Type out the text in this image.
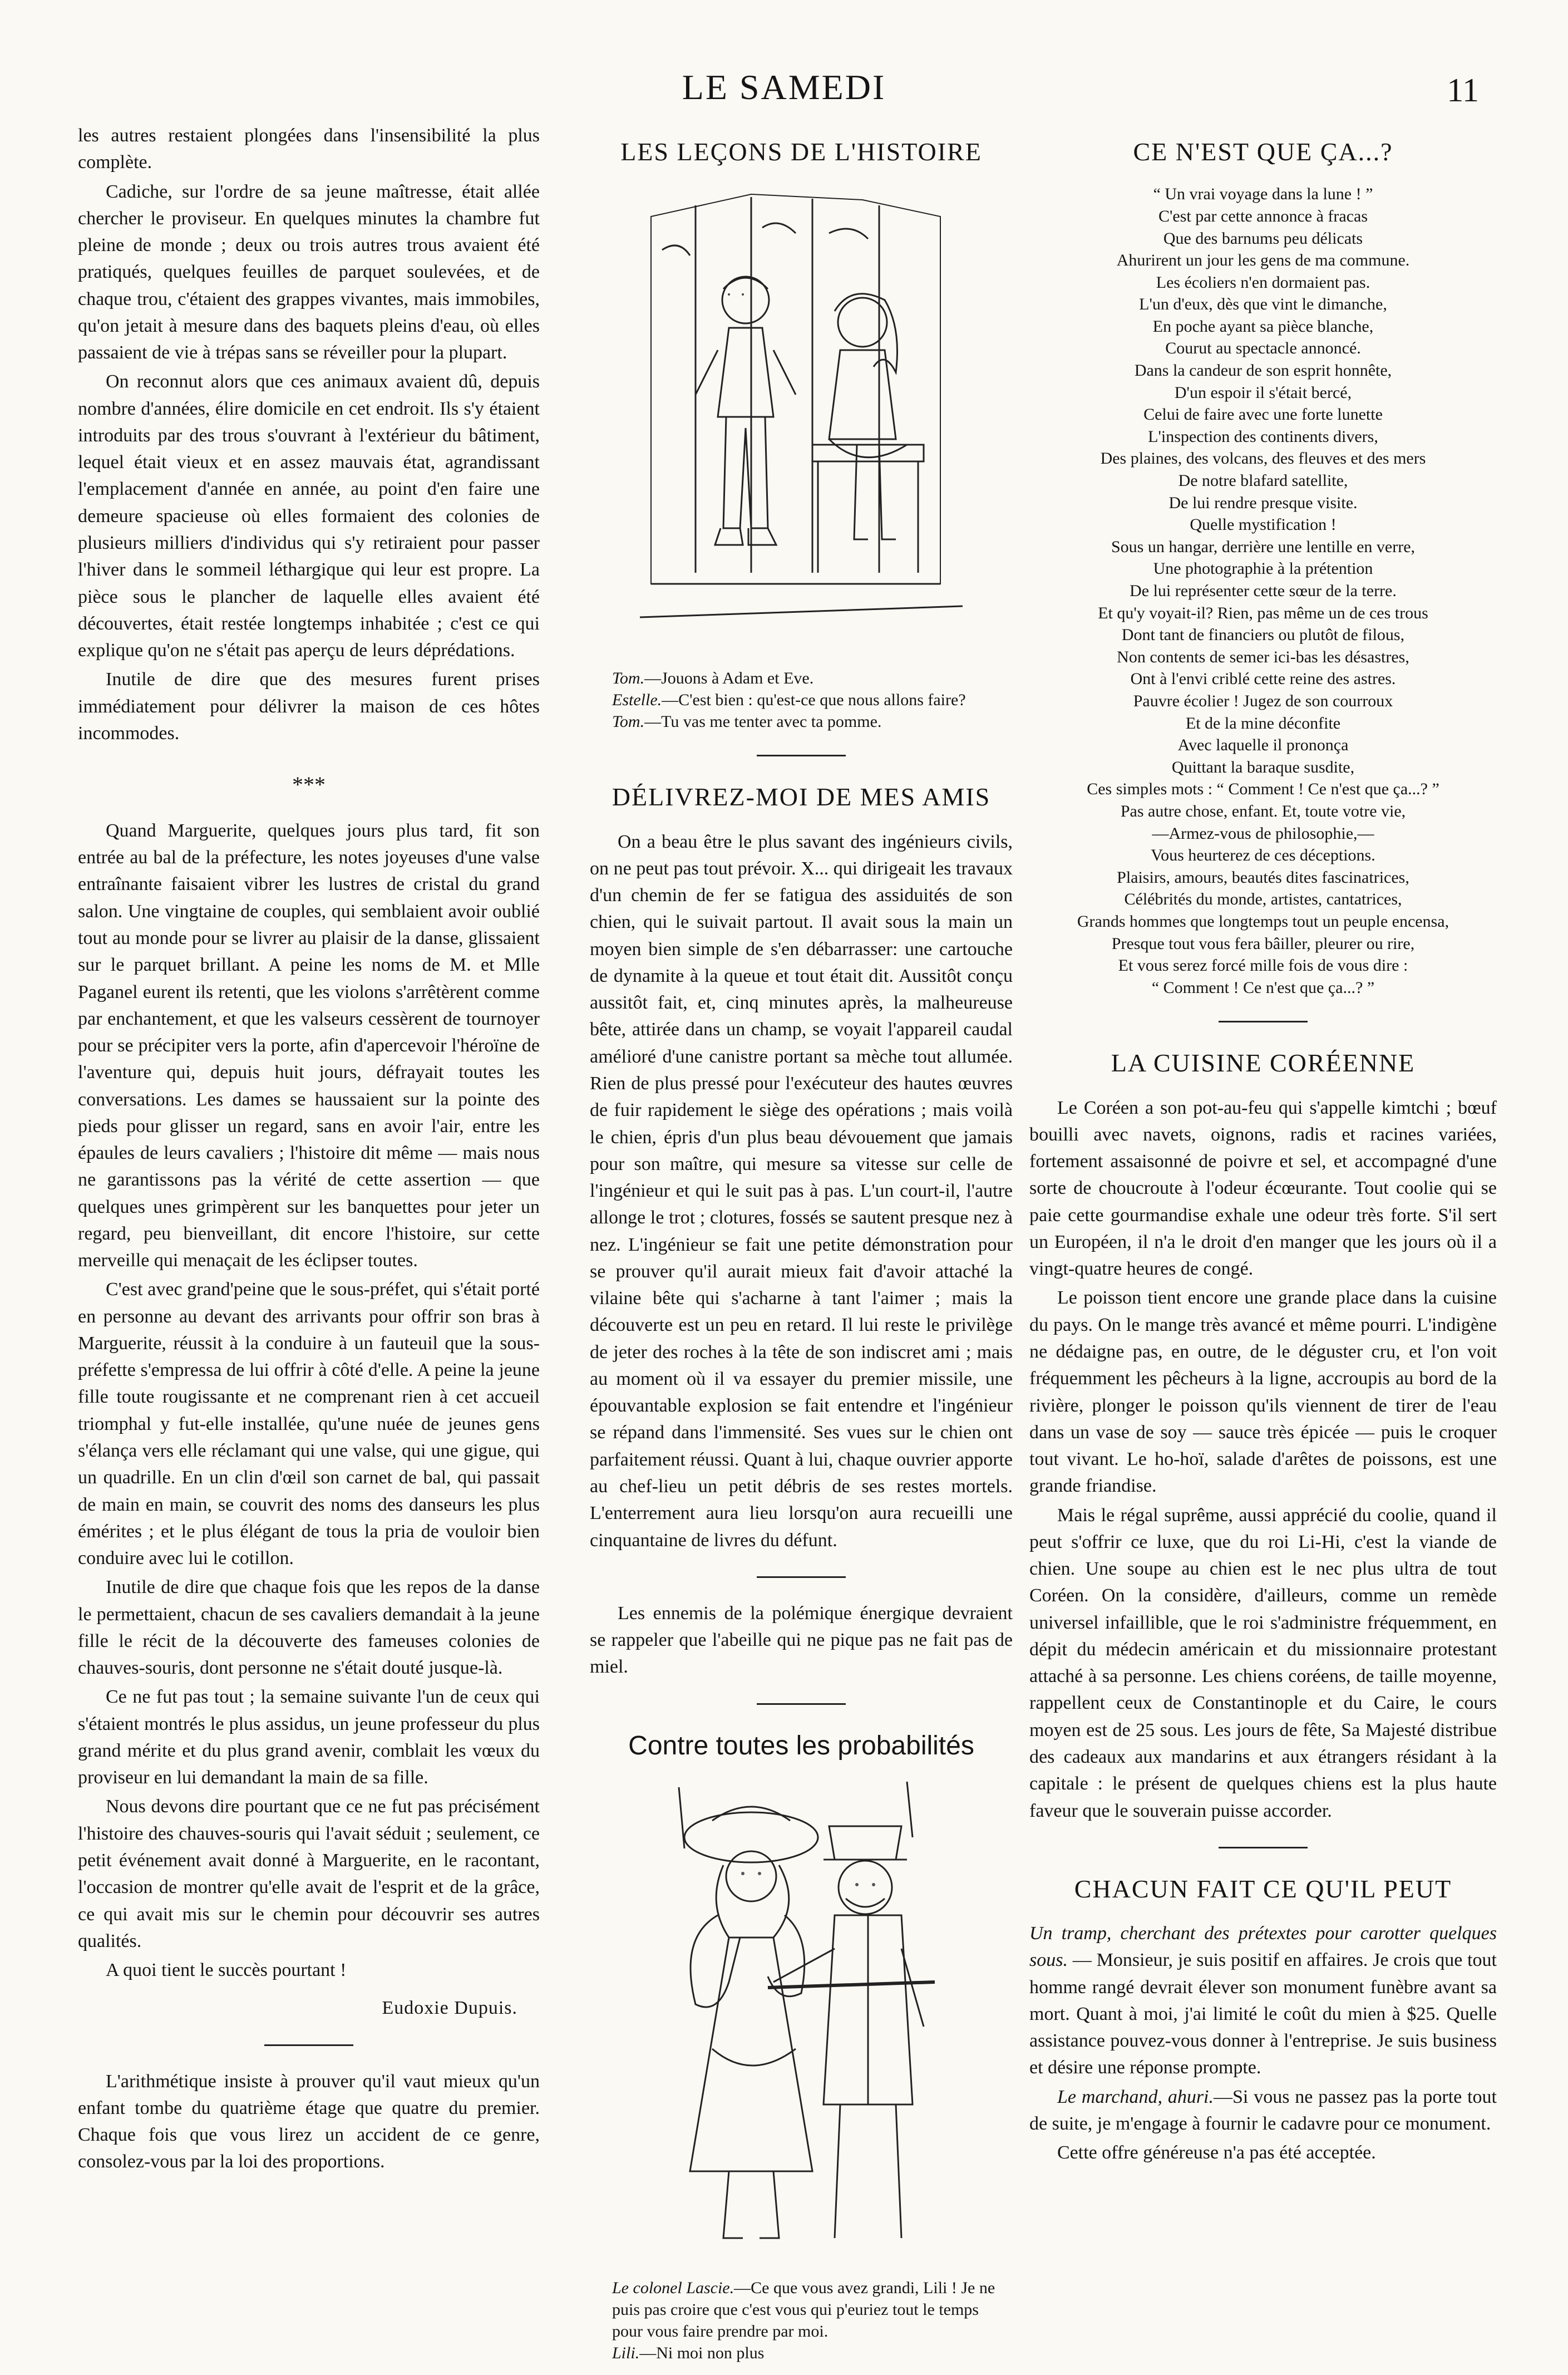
LE SAMEDI	11

les autres restaient plongées dans l'insensibilité la plus complète.

Cadiche, sur l'ordre de sa jeune maîtresse, était allée chercher le proviseur. En quelques minutes la chambre fut pleine de monde ; deux ou trois autres trous avaient été pratiqués, quelques feuilles de parquet soulevées, et de chaque trou, c'étaient des grappes vivantes, mais immobiles, qu'on jetait à mesure dans des baquets pleins d'eau, où elles passaient de vie à trépas sans se réveiller pour la plupart.

On reconnut alors que ces animaux avaient dû, depuis nombre d'années, élire domicile en cet endroit. Ils s'y étaient introduits par des trous s'ouvrant à l'extérieur du bâtiment, lequel était vieux et en assez mauvais état, agrandissant l'emplacement d'année en année, au point d'en faire une demeure spacieuse où elles formaient des colonies de plusieurs milliers d'individus qui s'y retiraient pour passer l'hiver dans le sommeil léthargique qui leur est propre. La pièce sous le plancher de laquelle elles avaient été découvertes, était restée longtemps inhabitée ; c'est ce qui explique qu'on ne s'était pas aperçu de leurs déprédations.

Inutile de dire que des mesures furent prises immédiatement pour délivrer la maison de ces hôtes incommodes.

***

Quand Marguerite, quelques jours plus tard, fit son entrée au bal de la préfecture, les notes joyeuses d'une valse entraînante faisaient vibrer les lustres de cristal du grand salon. Une vingtaine de couples, qui semblaient avoir oublié tout au monde pour se livrer au plaisir de la danse, glissaient sur le parquet brillant. A peine les noms de M. et Mlle Paganel eurent ils retenti, que les violons s'arrêtèrent comme par enchantement, et que les valseurs cessèrent de tournoyer pour se précipiter vers la porte, afin d'apercevoir l'héroïne de l'aventure qui, depuis huit jours, défrayait toutes les conversations. Les dames se haussaient sur la pointe des pieds pour glisser un regard, sans en avoir l'air, entre les épaules de leurs cavaliers ; l'histoire dit même — mais nous ne garantissons pas la vérité de cette assertion — que quelques unes grimpèrent sur les banquettes pour jeter un regard, peu bienveillant, dit encore l'histoire, sur cette merveille qui menaçait de les éclipser toutes.

C'est avec grand'peine que le sous-préfet, qui s'était porté en personne au devant des arrivants pour offrir son bras à Marguerite, réussit à la conduire à un fauteuil que la sous-préfette s'empressa de lui offrir à côté d'elle. A peine la jeune fille toute rougissante et ne comprenant rien à cet accueil triomphal y fut-elle installée, qu'une nuée de jeunes gens s'élança vers elle réclamant qui une valse, qui une gigue, qui un quadrille. En un clin d'œil son carnet de bal, qui passait de main en main, se couvrit des noms des danseurs les plus émérites ; et le plus élégant de tous la pria de vouloir bien conduire avec lui le cotillon.

Inutile de dire que chaque fois que les repos de la danse le permettaient, chacun de ses cavaliers demandait à la jeune fille le récit de la découverte des fameuses colonies de chauves-souris, dont personne ne s'était douté jusque-là.

Ce ne fut pas tout ; la semaine suivante l'un de ceux qui s'étaient montrés le plus assidus, un jeune professeur du plus grand mérite et du plus grand avenir, comblait les vœux du proviseur en lui demandant la main de sa fille.

Nous devons dire pourtant que ce ne fut pas précisément l'histoire des chauves-souris qui l'avait séduit ; seulement, ce petit événement avait donné à Marguerite, en le racontant, l'occasion de montrer qu'elle avait de l'esprit et de la grâce, ce qui avait mis sur le chemin pour découvrir ses autres qualités.

A quoi tient le succès pourtant !

Eudoxie Dupuis.

L'arithmétique insiste à prouver qu'il vaut mieux qu'un enfant tombe du quatrième étage que quatre du premier. Chaque fois que vous lirez un accident de ce genre, consolez-vous par la loi des proportions.

LES LEÇONS DE L'HISTOIRE
Tom.—Jouons à Adam et Eve.
Estelle.—C'est bien : qu'est-ce que nous allons faire?
Tom.—Tu vas me tenter avec ta pomme.
DÉLIVREZ-MOI DE MES AMIS

On a beau être le plus savant des ingénieurs civils, on ne peut pas tout prévoir. X... qui dirigeait les travaux d'un chemin de fer se fatigua des assiduités de son chien, qui le suivait partout. Il avait sous la main un moyen bien simple de s'en débarrasser: une cartouche de dynamite à la queue et tout était dit. Aussitôt conçu aussitôt fait, et, cinq minutes après, la malheureuse bête, attirée dans un champ, se voyait l'appareil caudal amélioré d'une canistre portant sa mèche tout allumée. Rien de plus pressé pour l'exécuteur des hautes œuvres de fuir rapidement le siège des opérations ; mais voilà le chien, épris d'un plus beau dévouement que jamais pour son maître, qui mesure sa vitesse sur celle de l'ingénieur et qui le suit pas à pas. L'un court-il, l'autre allonge le trot ; clotures, fossés se sautent presque nez à nez. L'ingénieur se fait une petite démonstration pour se prouver qu'il aurait mieux fait d'avoir attaché la vilaine bête qui s'acharne à tant l'aimer ; mais la découverte est un peu en retard. Il lui reste le privilège de jeter des roches à la tête de son indiscret ami ; mais au moment où il va essayer du premier missile, une épouvantable explosion se fait entendre et l'ingénieur se répand dans l'immensité. Ses vues sur le chien ont parfaitement réussi. Quant à lui, chaque ouvrier apporte au chef-lieu un petit débris de ses restes mortels. L'enterrement aura lieu lorsqu'on aura recueilli une cinquantaine de livres du défunt.

Les ennemis de la polémique énergique devraient se rappeler que l'abeille qui ne pique pas ne fait pas de miel.

Contre toutes les probabilités
Le colonel Lascie.—Ce que vous avez grandi, Lili ! Je ne puis pas croire que c'est vous qui p'euriez tout le temps pour vous faire prendre par moi.
Lili.—Ni moi non plus
CE N'EST QUE ÇA...?
“ Un vrai voyage dans la lune ! ”
C'est par cette annonce à fracas
Que des barnums peu délicats
Ahurirent un jour les gens de ma commune.
Les écoliers n'en dormaient pas.
L'un d'eux, dès que vint le dimanche,
En poche ayant sa pièce blanche,
Courut au spectacle annoncé.
Dans la candeur de son esprit honnête,
D'un espoir il s'était bercé,
Celui de faire avec une forte lunette
L'inspection des continents divers,
Des plaines, des volcans, des fleuves et des mers
De notre blafard satellite,
De lui rendre presque visite.
Quelle mystification !
Sous un hangar, derrière une lentille en verre,
Une photographie à la prétention
De lui représenter cette sœur de la terre.
Et qu'y voyait-il? Rien, pas même un de ces trous
Dont tant de financiers ou plutôt de filous,
Non contents de semer ici-bas les désastres,
Ont à l'envi criblé cette reine des astres.
Pauvre écolier ! Jugez de son courroux
Et de la mine déconfite
Avec laquelle il prononça
Quittant la baraque susdite,
Ces simples mots : “ Comment ! Ce n'est que ça...? ”
Pas autre chose, enfant. Et, toute votre vie,
—Armez-vous de philosophie,—
Vous heurterez de ces déceptions.
Plaisirs, amours, beautés dites fascinatrices,
Célébrités du monde, artistes, cantatrices,
Grands hommes que longtemps tout un peuple encensa,
Presque tout vous fera bâiller, pleurer ou rire,
Et vous serez forcé mille fois de vous dire :
“ Comment ! Ce n'est que ça...? ”
LA CUISINE CORÉENNE

Le Coréen a son pot-au-feu qui s'appelle kimtchi ; bœuf bouilli avec navets, oignons, radis et racines variées, fortement assaisonné de poivre et sel, et accompagné d'une sorte de choucroute à l'odeur écœurante. Tout coolie qui se paie cette gourmandise exhale une odeur très forte. S'il sert un Européen, il n'a le droit d'en manger que les jours où il a vingt-quatre heures de congé.

Le poisson tient encore une grande place dans la cuisine du pays. On le mange très avancé et même pourri. L'indigène ne dédaigne pas, en outre, de le déguster cru, et l'on voit fréquemment les pêcheurs à la ligne, accroupis au bord de la rivière, plonger le poisson qu'ils viennent de tirer de l'eau dans un vase de soy — sauce très épicée — puis le croquer tout vivant. Le ho-hoï, salade d'arêtes de poissons, est une grande friandise.

Mais le régal suprême, aussi apprécié du coolie, quand il peut s'offrir ce luxe, que du roi Li-Hi, c'est la viande de chien. Une soupe au chien est le nec plus ultra de tout Coréen. On la considère, d'ailleurs, comme un remède universel infaillible, que le roi s'administre fréquemment, en dépit du médecin américain et du missionnaire protestant attaché à sa personne. Les chiens coréens, de taille moyenne, rappellent ceux de Constantinople et du Caire, le cours moyen est de 25 sous. Les jours de fête, Sa Majesté distribue des cadeaux aux mandarins et aux étrangers résidant à la capitale : le présent de quelques chiens est la plus haute faveur que le souverain puisse accorder.

CHACUN FAIT CE QU'IL PEUT

Un tramp, cherchant des prétextes pour carotter quelques sous. — Monsieur, je suis positif en affaires. Je crois que tout homme rangé devrait élever son monument funèbre avant sa mort. Quant à moi, j'ai limité le coût du mien à $25. Quelle assistance pouvez-vous donner à l'entreprise. Je suis business et désire une réponse prompte.

Le marchand, ahuri.—Si vous ne passez pas la porte tout de suite, je m'engage à fournir le cadavre pour ce monument.

Cette offre généreuse n'a pas été acceptée.
